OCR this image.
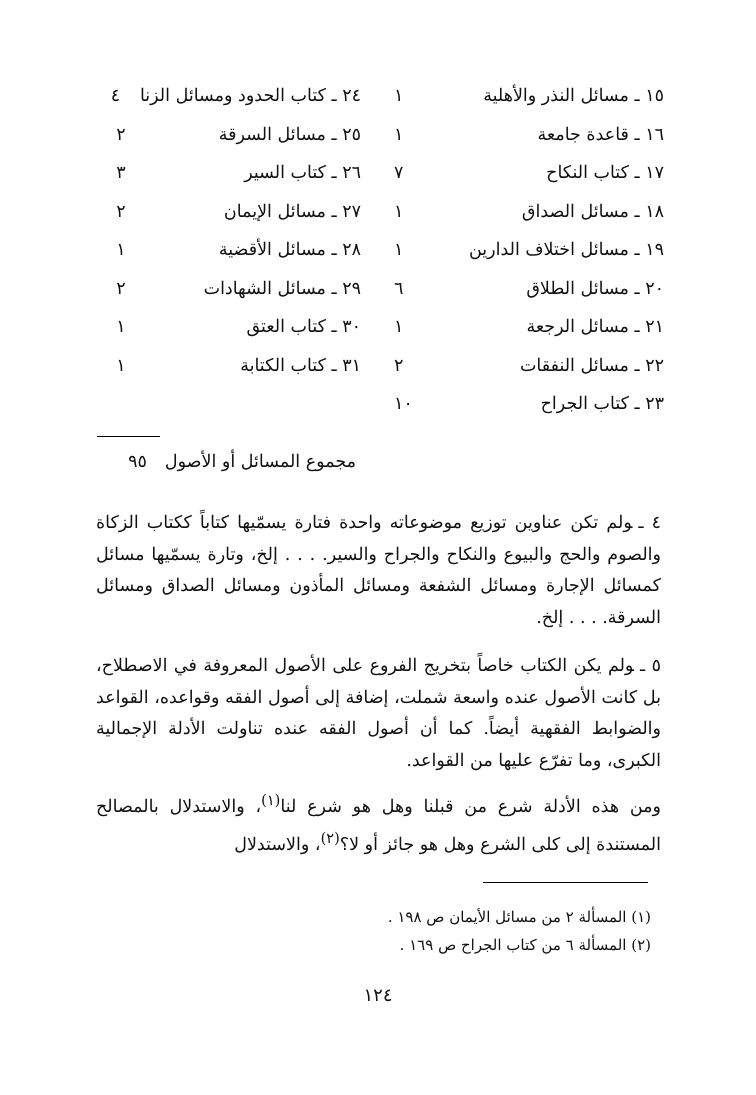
١٥ ـ مسائل النذر والأهلية
١
١٦ ـ قاعدة جامعة
١
١٧ ـ كتاب النكاح
٧
١٨ ـ مسائل الصداق
١
١٩ ـ مسائل اختلاف الدارين
١
٢٠ ـ مسائل الطلاق
٦
٢١ ـ مسائل الرجعة
١
٢٢ ـ مسائل النفقات
٢
٢٣ ـ كتاب الجراح
١٠
٢٤ ـ كتاب الحدود ومسائل الزنا
٤
٢٥ ـ مسائل السرقة
٢
٢٦ ـ كتاب السير
٣
٢٧ ـ مسائل الإيمان
٢
٢٨ ـ مسائل الأقضية
١
٢٩ ـ مسائل الشهادات
٢
٣٠ ـ كتاب العتق
١
٣١ ـ كتاب الكتابة
١
مجموع المسائل أو الأصول٩٥
٤ ـولم تكن عناوين توزيع موضوعاته واحدة فتارة يسمّيها كتاباً ككتاب الزكاة والصوم والحج والبيوع والنكاح والجراح والسير. . . . إلخ، وتارة يسمّيها مسائل كمسائل الإجارة ومسائل الشفعة ومسائل المأذون ومسائل الصداق ومسائل السرقة. . . . إلخ.
٥ ـولم يكن الكتاب خاصاً بتخريج الفروع على الأصول المعروفة في الاصطلاح، بل كانت الأصول عنده واسعة شملت، إضافة إلى أصول الفقه وقواعده، القواعد والضوابط الفقهية أيضاً. كما أن أصول الفقه عنده تناولت الأدلة الإجمالية الكبرى، وما تفرّع عليها من القواعد.
ومن هذه الأدلة شرع من قبلنا وهل هو شرع لنا$^{(١)}$، والاستدلال بالمصالح المستندة إلى كلى الشرع وهل هو جائز أو لا؟$^{(٢)}$، والاستدلال
(١) المسألة ٢ من مسائل الأيمان ص ١٩٨ .
(٢) المسألة ٦ من كتاب الجراح ص ١٦٩ .
١٢٤
